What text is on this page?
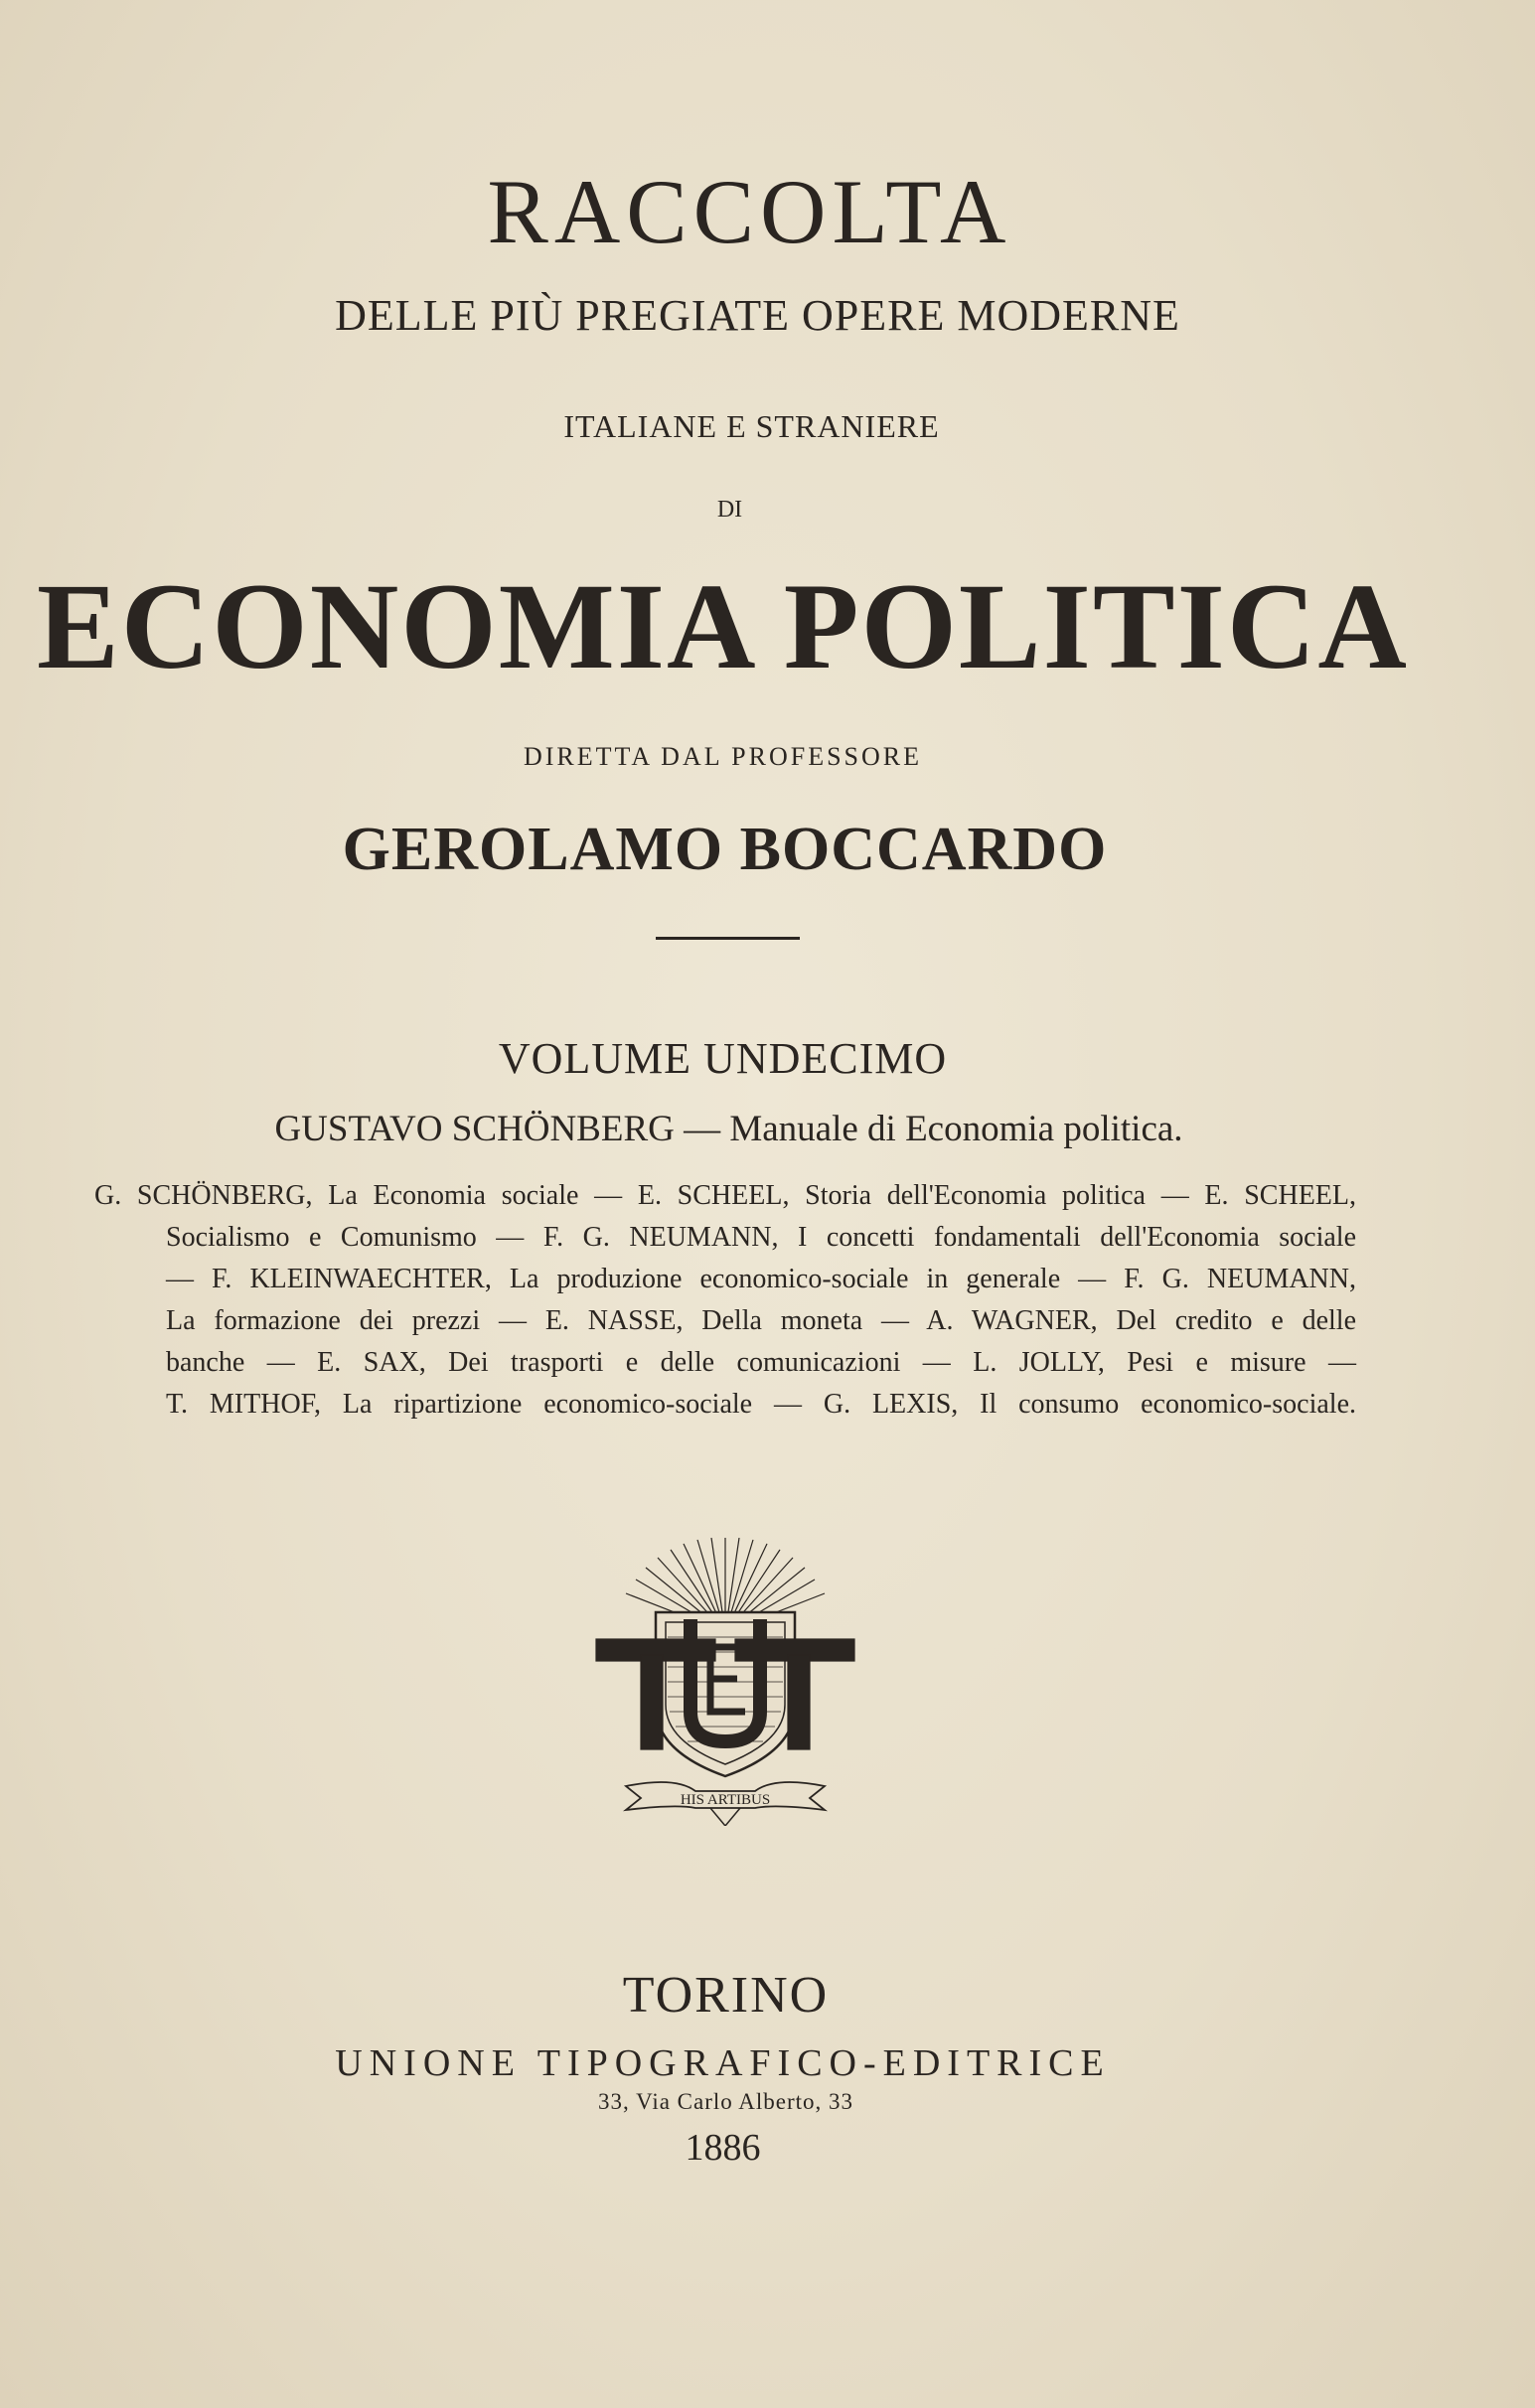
RACCOLTA
DELLE PIÙ PREGIATE OPERE MODERNE
ITALIANE E STRANIERE
DI
ECONOMIA POLITICA
DIRETTA DAL PROFESSORE
GEROLAMO BOCCARDO
VOLUME UNDECIMO
GUSTAVO SCHÖNBERG — Manuale di Economia politica.
G. SCHÖNBERG, La Economia sociale — E. SCHEEL, Storia dell'Economia politica — E. SCHEEL,
Socialismo e Comunismo — F. G. NEUMANN, I concetti fondamentali dell'Economia sociale
— F. KLEINWAECHTER, La produzione economico-sociale in generale — F. G. NEUMANN,
La formazione dei prezzi — E. NASSE, Della moneta — A. WAGNER, Del credito e delle
banche — E. SAX, Dei trasporti e delle comunicazioni — L. JOLLY, Pesi e misure —
T. MITHOF, La ripartizione economico-sociale — G. LEXIS, Il consumo economico-sociale.
HIS ARTIBUS
TORINO
UNIONE TIPOGRAFICO-EDITRICE
33, Via Carlo Alberto, 33
1886
